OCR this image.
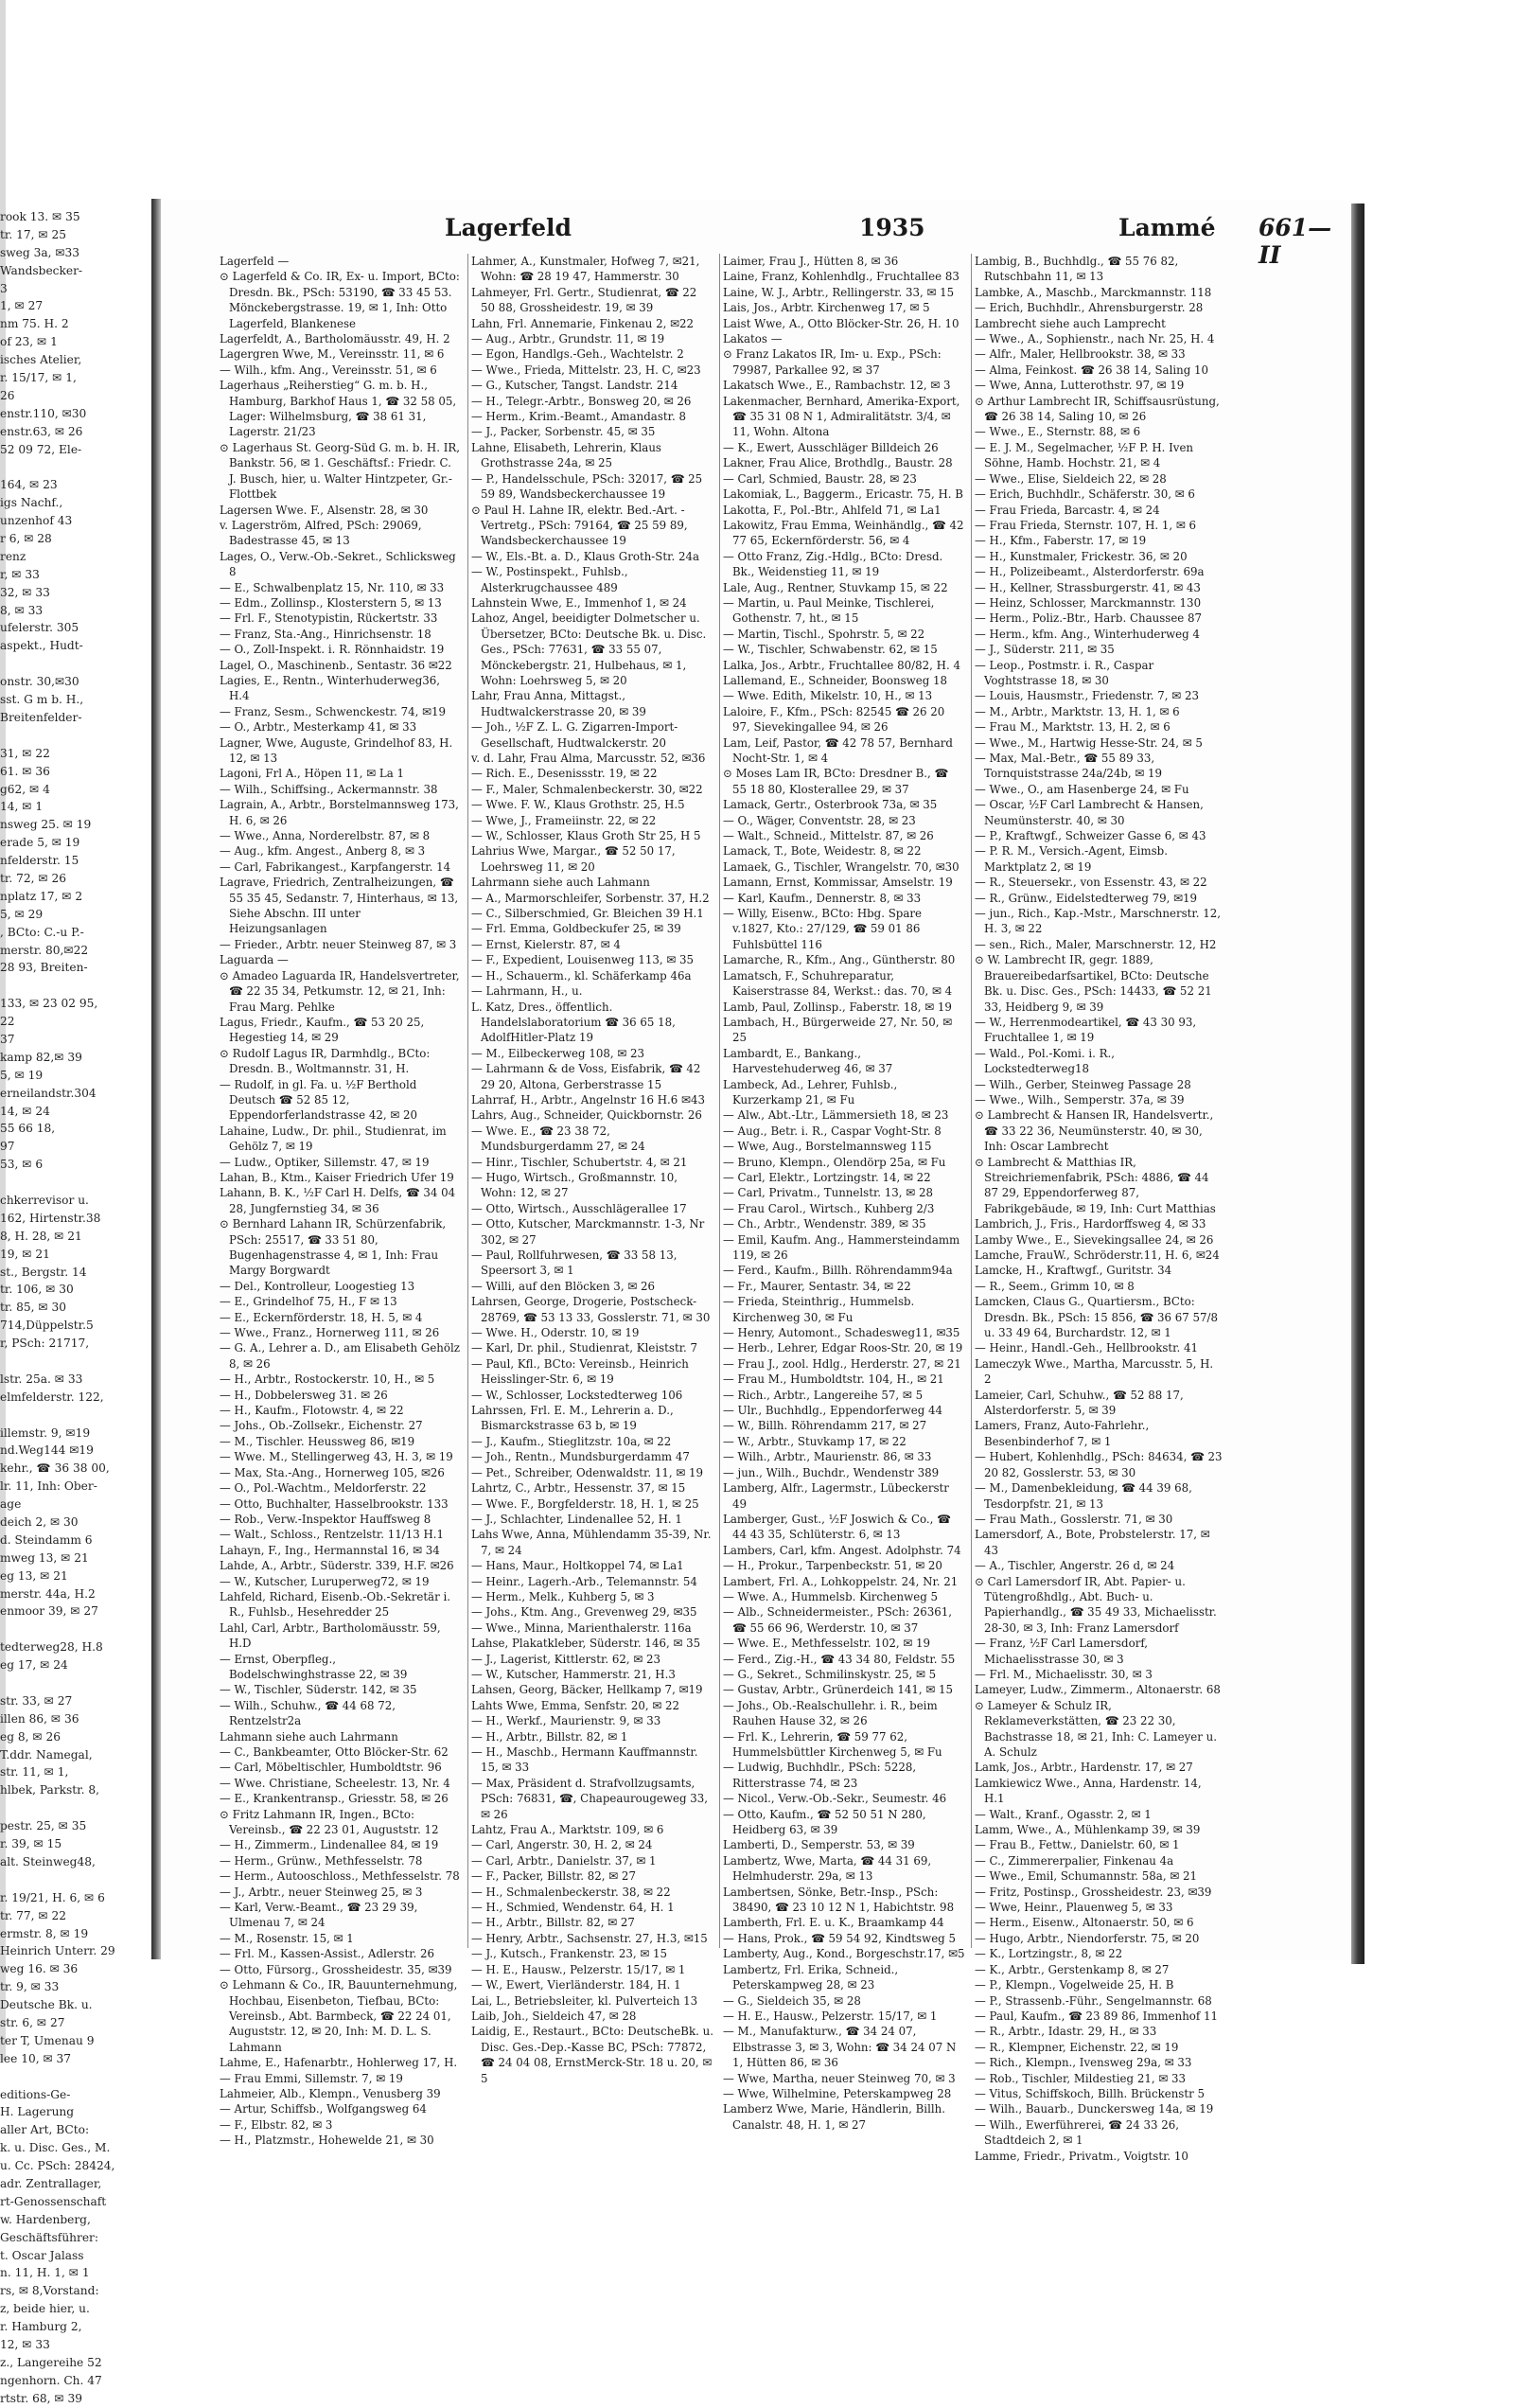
rook 13. ✉ 35
tr. 17, ✉ 25
sweg 3a, ✉33
Wandsbecker-
3
1, ✉ 27
nm 75. H. 2
of 23, ✉ 1
isches Atelier,
r. 15/17, ✉ 1,
26
enstr.110, ✉30
enstr.63, ✉ 26
52 09 72, Ele-
164, ✉ 23
igs Nachf.,
unzenhof 43
r 6, ✉ 28
renz
r, ✉ 33
32, ✉ 33
8, ✉ 33
ufelerstr. 305
aspekt., Hudt-
onstr. 30,✉30
sst. G m b. H.,
Breitenfelder-
31, ✉ 22
61. ✉ 36
g62, ✉ 4
14, ✉ 1
nsweg 25. ✉ 19
erade 5, ✉ 19
nfelderstr. 15
tr. 72, ✉ 26
nplatz 17, ✉ 2
5, ✉ 29
, BCto: C.-u P.-
merstr. 80,✉22
28 93, Breiten-
133, ✉ 23 02 95,
22
37
kamp 82,✉ 39
5, ✉ 19
erneilandstr.304
14, ✉ 24
55 66 18,
97
53, ✉ 6
chkerrevisor u.
162, Hirtenstr.38
8, H. 28, ✉ 21
19, ✉ 21
st., Bergstr. 14
tr. 106, ✉ 30
tr. 85, ✉ 30
714,Düppelstr.5
r, PSch: 21717,
lstr. 25a. ✉ 33
elmfelderstr. 122,
illemstr. 9, ✉19
nd.Weg144 ✉19
kehr., ☎ 36 38 00,
lr. 11, Inh: Ober-
age
deich 2, ✉ 30
d. Steindamm 6
mweg 13, ✉ 21
eg 13, ✉ 21
merstr. 44a, H.2
enmoor 39, ✉ 27
tedterweg28, H.8
eg 17, ✉ 24
str. 33, ✉ 27
illen 86, ✉ 36
eg 8, ✉ 26
T.ddr. Namegal,
str. 11, ✉ 1,
hlbek, Parkstr. 8,
pestr. 25, ✉ 35
r. 39, ✉ 15
alt. Steinweg48,
r. 19/21, H. 6, ✉ 6
tr. 77, ✉ 22
ermstr. 8, ✉ 19
Heinrich Unterr. 29
weg 16. ✉ 36
tr. 9, ✉ 33
Deutsche Bk. u.
str. 6, ✉ 27
ter T, Umenau 9
lee 10, ✉ 37
editions-Ge-
H. Lagerung
aller Art, BCto:
k. u. Disc. Ges., M.
u. Cc. PSch: 28424,
adr. Zentrallager,
rt-Genossenschaft
w. Hardenberg,
Geschäftsführer:
t. Oscar Jalass
n. 11, H. 1, ✉ 1
rs, ✉ 8,Vorstand:
z, beide hier, u.
r. Hamburg 2,
12, ✉ 33
z., Langereihe 52
ngenhorn. Ch. 47
rtstr. 68, ✉ 39
Lagerfeld	1935	Lammé 661—II
Lagerfeld —
⊙ Lagerfeld & Co. IR, Ex- u. Import, BCto: Dresdn. Bk., PSch: 53190, ☎ 33 45 53. Mönckebergstrasse. 19, ✉ 1, Inh: Otto Lagerfeld, Blankenese
Lagerfeldt, A., Bartholomäusstr. 49, H. 2
Lagergren Wwe, M., Vereinsstr. 11, ✉ 6
— Wilh., kfm. Ang., Vereinsstr. 51, ✉ 6
Lagerhaus „Reiherstieg“ G. m. b. H., Hamburg, Barkhof Haus 1, ☎ 32 58 05, Lager: Wilhelmsburg, ☎ 38 61 31, Lagerstr. 21/23
⊙ Lagerhaus St. Georg-Süd G. m. b. H. IR, Bankstr. 56, ✉ 1. Geschäftsf.: Friedr. C. J. Busch, hier, u. Walter Hintzpeter, Gr.-Flottbek
Lagersen Wwe. F., Alsenstr. 28, ✉ 30
v. Lagerström, Alfred, PSch: 29069, Badestrasse 45, ✉ 13
Lages, O., Verw.-Ob.-Sekret., Schlicksweg 8
— E., Schwalbenplatz 15, Nr. 110, ✉ 33
— Edm., Zollinsp., Klosterstern 5, ✉ 13
— Frl. F., Stenotypistin, Rückertstr. 33
— Franz, Sta.-Ang., Hinrichsenstr. 18
— O., Zoll-Inspekt. i. R. Rönnhaidstr. 19
Lagel, O., Maschinenb., Sentastr. 36 ✉22
Lagies, E., Rentn., Winterhuderweg36, H.4
— Franz, Sesm., Schwenckestr. 74, ✉19
— O., Arbtr., Mesterkamp 41, ✉ 33
Lagner, Wwe, Auguste, Grindelhof 83, H. 12, ✉ 13
Lagoni, Frl A., Höpen 11, ✉ La 1
— Wilh., Schiffsing., Ackermannstr. 38
Lagrain, A., Arbtr., Borstelmannsweg 173, H. 6, ✉ 26
— Wwe., Anna, Norderelbstr. 87, ✉ 8
— Aug., kfm. Angest., Anberg 8, ✉ 3
— Carl, Fabrikangest., Karpfangerstr. 14
Lagrave, Friedrich, Zentralheizungen, ☎ 55 35 45, Sedanstr. 7, Hinterhaus, ✉ 13, Siehe Abschn. III unter Heizungsanlagen
— Frieder., Arbtr. neuer Steinweg 87, ✉ 3
Laguarda —
⊙ Amadeo Laguarda IR, Handelsvertreter, ☎ 22 35 34, Petkumstr. 12, ✉ 21, Inh: Frau Marg. Pehlke
Lagus, Friedr., Kaufm., ☎ 53 20 25, Hegestieg 14, ✉ 29
⊙ Rudolf Lagus IR, Darmhdlg., BCto: Dresdn. B., Woltmannstr. 31, H.
— Rudolf, in gl. Fa. u. ½F Berthold Deutsch ☎ 52 85 12, Eppendorferlandstrasse 42, ✉ 20
Lahaine, Ludw., Dr. phil., Studienrat, im Gehölz 7, ✉ 19
— Ludw., Optiker, Sillemstr. 47, ✉ 19
Lahan, B., Ktm., Kaiser Friedrich Ufer 19
Lahann, B. K., ½F Carl H. Delfs, ☎ 34 04 28, Jungfernstieg 34, ✉ 36
⊙ Bernhard Lahann IR, Schürzenfabrik, PSch: 25517, ☎ 33 51 80, Bugenhagenstrasse 4, ✉ 1, Inh: Frau Margy Borgwardt
— Del., Kontrolleur, Loogestieg 13
— E., Grindelhof 75, H., F ✉ 13
— E., Eckernförderstr. 18, H. 5, ✉ 4
— Wwe., Franz., Hornerweg 111, ✉ 26
— G. A., Lehrer a. D., am Elisabeth Gehölz 8, ✉ 26
— H., Arbtr., Rostockerstr. 10, H., ✉ 5
— H., Dobbelersweg 31. ✉ 26
— H., Kaufm., Flotowstr. 4, ✉ 22
— Johs., Ob.-Zollsekr., Eichenstr. 27
— M., Tischler. Heussweg 86, ✉19
— Wwe. M., Stellingerweg 43, H. 3, ✉ 19
— Max, Sta.-Ang., Hornerweg 105, ✉26
— O., Pol.-Wachtm., Meldorferstr. 22
— Otto, Buchhalter, Hasselbrookstr. 133
— Rob., Verw.-Inspektor Hauffsweg 8
— Walt., Schloss., Rentzelstr. 11/13 H.1
Lahayn, F., Ing., Hermannstal 16, ✉ 34
Lahde, A., Arbtr., Süderstr. 339, H.F. ✉26
— W., Kutscher, Luruperweg72, ✉ 19
Lahfeld, Richard, Eisenb.-Ob.-Sekretär i. R., Fuhlsb., Hesehredder 25
Lahl, Carl, Arbtr., Bartholomäusstr. 59, H.D
— Ernst, Oberpfleg., Bodelschwinghstrasse 22, ✉ 39
— W., Tischler, Süderstr. 142, ✉ 35
— Wilh., Schuhw., ☎ 44 68 72, Rentzelstr2a
Lahmann siehe auch Lahrmann
— C., Bankbeamter, Otto Blöcker-Str. 62
— Carl, Möbeltischler, Humboldtstr. 96
— Wwe. Christiane, Scheelestr. 13, Nr. 4
— E., Krankentransp., Griesstr. 58, ✉ 26
⊙ Fritz Lahmann IR, Ingen., BCto: Vereinsb., ☎ 22 23 01, Auguststr. 12
— H., Zimmerm., Lindenallee 84, ✉ 19
— Herm., Grünw., Methfesselstr. 78
— Herm., Autooschloss., Methfesselstr. 78
— J., Arbtr., neuer Steinweg 25, ✉ 3
— Karl, Verw.-Beamt., ☎ 23 29 39, Ulmenau 7, ✉ 24
— M., Rosenstr. 15, ✉ 1
— Frl. M., Kassen-Assist., Adlerstr. 26
— Otto, Fürsorg., Grossheidestr. 35, ✉39
⊙ Lehmann & Co., IR, Bauunternehmung, Hochbau, Eisenbeton, Tiefbau, BCto: Vereinsb., Abt. Barmbeck, ☎ 22 24 01, Auguststr. 12, ✉ 20, Inh: M. D. L. S. Lahmann
Lahme, E., Hafenarbtr., Hohlerweg 17, H.
— Frau Emmi, Sillemstr. 7, ✉ 19
Lahmeier, Alb., Klempn., Venusberg 39
— Artur, Schiffsb., Wolfgangsweg 64
— F., Elbstr. 82, ✉ 3
— H., Platzmstr., Hohewelde 21, ✉ 30
Lahmer, A., Kunstmaler, Hofweg 7, ✉21, Wohn: ☎ 28 19 47, Hammerstr. 30
Lahmeyer, Frl. Gertr., Studienrat, ☎ 22 50 88, Grossheidestr. 19, ✉ 39
Lahn, Frl. Annemarie, Finkenau 2, ✉22
— Aug., Arbtr., Grundstr. 11, ✉ 19
— Egon, Handlgs.-Geh., Wachtelstr. 2
— Wwe., Frieda, Mittelstr. 23, H. C, ✉23
— G., Kutscher, Tangst. Landstr. 214
— H., Telegr.-Arbtr., Bonsweg 20, ✉ 26
— Herm., Krim.-Beamt., Amandastr. 8
— J., Packer, Sorbenstr. 45, ✉ 35
Lahne, Elisabeth, Lehrerin, Klaus Grothstrasse 24a, ✉ 25
— P., Handelsschule, PSch: 32017, ☎ 25 59 89, Wandsbeckerchaussee 19
⊙ Paul H. Lahne IR, elektr. Bed.-Art. - Vertretg., PSch: 79164, ☎ 25 59 89, Wandsbeckerchaussee 19
— W., Els.-Bt. a. D., Klaus Groth-Str. 24a
— W., Postinspekt., Fuhlsb., Alsterkrugchaussee 489
Lahnstein Wwe, E., Immenhof 1, ✉ 24
Lahoz, Angel, beeidigter Dolmetscher u. Übersetzer, BCto: Deutsche Bk. u. Disc. Ges., PSch: 77631, ☎ 33 55 07, Mönckebergstr. 21, Hulbehaus, ✉ 1, Wohn: Loehrsweg 5, ✉ 20
Lahr, Frau Anna, Mittagst., Hudtwalckerstrasse 20, ✉ 39
— Joh., ½F Z. L. G. Zigarren-Import-Gesellschaft, Hudtwalckerstr. 20
v. d. Lahr, Frau Alma, Marcusstr. 52, ✉36
— Rich. E., Desenissstr. 19, ✉ 22
— F., Maler, Schmalenbeckerstr. 30, ✉22
— Wwe. F. W., Klaus Grothstr. 25, H.5
— Wwe, J., Frameiinstr. 22, ✉ 22
— W., Schlosser, Klaus Groth Str 25, H 5
Lahrius Wwe, Margar., ☎ 52 50 17, Loehrsweg 11, ✉ 20
Lahrmann siehe auch Lahmann
— A., Marmorschleifer, Sorbenstr. 37, H.2
— C., Silberschmied, Gr. Bleichen 39 H.1
— Frl. Emma, Goldbeckufer 25, ✉ 39
— Ernst, Kielerstr. 87, ✉ 4
— F., Expedient, Louisenweg 113, ✉ 35
— H., Schauerm., kl. Schäferkamp 46a
— Lahrmann, H., u.
L. Katz, Dres., öffentlich. Handelslaboratorium ☎ 36 65 18, AdolfHitler-Platz 19
— M., Eilbeckerweg 108, ✉ 23
— Lahrmann & de Voss, Eisfabrik, ☎ 42 29 20, Altona, Gerberstrasse 15
Lahrraf, H., Arbtr., Angelnstr 16 H.6 ✉43
Lahrs, Aug., Schneider, Quickbornstr. 26
— Wwe. E., ☎ 23 38 72, Mundsburgerdamm 27, ✉ 24
— Hinr., Tischler, Schubertstr. 4, ✉ 21
— Hugo, Wirtsch., Großmannstr. 10, Wohn: 12, ✉ 27
— Otto, Wirtsch., Ausschlägerallee 17
— Otto, Kutscher, Marckmannstr. 1-3, Nr 302, ✉ 27
— Paul, Rollfuhrwesen, ☎ 33 58 13, Speersort 3, ✉ 1
— Willi, auf den Blöcken 3, ✉ 26
Lahrsen, George, Drogerie, Postscheck-28769, ☎ 53 13 33, Gosslerstr. 71, ✉ 30
— Wwe. H., Oderstr. 10, ✉ 19
— Karl, Dr. phil., Studienrat, Kleiststr. 7
— Paul, Kfl., BCto: Vereinsb., Heinrich Heisslinger-Str. 6, ✉ 19
— W., Schlosser, Lockstedterweg 106
Lahrssen, Frl. E. M., Lehrerin a. D., Bismarckstrasse 63 b, ✉ 19
— J., Kaufm., Stieglitzstr. 10a, ✉ 22
— Joh., Rentn., Mundsburgerdamm 47
— Pet., Schreiber, Odenwaldstr. 11, ✉ 19
Lahrtz, C., Arbtr., Hessenstr. 37, ✉ 15
— Wwe. F., Borgfelderstr. 18, H. 1, ✉ 25
— J., Schlachter, Lindenallee 52, H. 1
Lahs Wwe, Anna, Mühlendamm 35-39, Nr. 7, ✉ 24
— Hans, Maur., Holtkoppel 74, ✉ La1
— Heinr., Lagerh.-Arb., Telemannstr. 54
— Herm., Melk., Kuhberg 5, ✉ 3
— Johs., Ktm. Ang., Grevenweg 29, ✉35
— Wwe., Minna, Marienthalerstr. 116a
Lahse, Plakatkleber, Süderstr. 146, ✉ 35
— J., Lagerist, Kittlerstr. 62, ✉ 23
— W., Kutscher, Hammerstr. 21, H.3
Lahsen, Georg, Bäcker, Hellkamp 7, ✉19
Lahts Wwe, Emma, Senfstr. 20, ✉ 22
— H., Werkf., Maurienstr. 9, ✉ 33
— H., Arbtr., Billstr. 82, ✉ 1
— H., Maschb., Hermann Kauffmannstr. 15, ✉ 33
— Max, Präsident d. Strafvollzugsamts, PSch: 76831, ☎, Chapeaurougeweg 33, ✉ 26
Lahtz, Frau A., Marktstr. 109, ✉ 6
— Carl, Angerstr. 30, H. 2, ✉ 24
— Carl, Arbtr., Danielstr. 37, ✉ 1
— F., Packer, Billstr. 82, ✉ 27
— H., Schmalenbeckerstr. 38, ✉ 22
— H., Schmied, Wendenstr. 64, H. 1
— H., Arbtr., Billstr. 82, ✉ 27
— Henry, Arbtr., Sachsenstr. 27, H.3, ✉15
— J., Kutsch., Frankenstr. 23, ✉ 15
— H. E., Hausw., Pelzerstr. 15/17, ✉ 1
— W., Ewert, Vierländerstr. 184, H. 1
Lai, L., Betriebsleiter, kl. Pulverteich 13
Laib, Joh., Sieldeich 47, ✉ 28
Laidig, E., Restaurt., BCto: DeutscheBk. u. Disc. Ges.-Dep.-Kasse BC, PSch: 77872, ☎ 24 04 08, ErnstMerck-Str. 18 u. 20, ✉ 5
Laimer, Frau J., Hütten 8, ✉ 36
Laine, Franz, Kohlenhdlg., Fruchtallee 83
Laine, W. J., Arbtr., Rellingerstr. 33, ✉ 15
Lais, Jos., Arbtr. Kirchenweg 17, ✉ 5
Laist Wwe, A., Otto Blöcker-Str. 26, H. 10
Lakatos —
⊙ Franz Lakatos IR, Im- u. Exp., PSch: 79987, Parkallee 92, ✉ 37
Lakatsch Wwe., E., Rambachstr. 12, ✉ 3
Lakenmacher, Bernhard, Amerika-Export, ☎ 35 31 08 N 1, Admiralitätstr. 3/4, ✉ 11, Wohn. Altona
— K., Ewert, Ausschläger Billdeich 26
Lakner, Frau Alice, Brothdlg., Baustr. 28
— Carl, Schmied, Baustr. 28, ✉ 23
Lakomiak, L., Baggerm., Ericastr. 75, H. B
Lakotta, F., Pol.-Btr., Ahlfeld 71, ✉ La1
Lakowitz, Frau Emma, Weinhändlg., ☎ 42 77 65, Eckernförderstr. 56, ✉ 4
— Otto Franz, Zig.-Hdlg., BCto: Dresd. Bk., Weidenstieg 11, ✉ 19
Lale, Aug., Rentner, Stuvkamp 15, ✉ 22
— Martin, u. Paul Meinke, Tischlerei, Gothenstr. 7, ht., ✉ 15
— Martin, Tischl., Spohrstr. 5, ✉ 22
— W., Tischler, Schwabenstr. 62, ✉ 15
Lalka, Jos., Arbtr., Fruchtallee 80/82, H. 4
Lallemand, E., Schneider, Boonsweg 18
— Wwe. Edith, Mikelstr. 10, H., ✉ 13
Laloire, F., Kfm., PSch: 82545 ☎ 26 20 97, Sievekingallee 94, ✉ 26
Lam, Leif, Pastor, ☎ 42 78 57, Bernhard Nocht-Str. 1, ✉ 4
⊙ Moses Lam IR, BCto: Dresdner B., ☎ 55 18 80, Klosterallee 29, ✉ 37
Lamack, Gertr., Osterbrook 73a, ✉ 35
— O., Wäger, Conventstr. 28, ✉ 23
— Walt., Schneid., Mittelstr. 87, ✉ 26
Lamack, T., Bote, Weidestr. 8, ✉ 22
Lamaek, G., Tischler, Wrangelstr. 70, ✉30
Lamann, Ernst, Kommissar, Amselstr. 19
— Karl, Kaufm., Dennerstr. 8, ✉ 33
— Willy, Eisenw., BCto: Hbg. Spare v.1827, Kto.: 27/129, ☎ 59 01 86 Fuhlsbüttel 116
Lamarche, R., Kfm., Ang., Güntherstr. 80
Lamatsch, F., Schuhreparatur, Kaiserstrasse 84, Werkst.: das. 70, ✉ 4
Lamb, Paul, Zollinsp., Faberstr. 18, ✉ 19
Lambach, H., Bürgerweide 27, Nr. 50, ✉ 25
Lambardt, E., Bankang., Harvestehuderweg 46, ✉ 37
Lambeck, Ad., Lehrer, Fuhlsb., Kurzerkamp 21, ✉ Fu
— Alw., Abt.-Ltr., Lämmersieth 18, ✉ 23
— Aug., Betr. i. R., Caspar Voght-Str. 8
— Wwe, Aug., Borstelmannsweg 115
— Bruno, Klempn., Olendörp 25a, ✉ Fu
— Carl, Elektr., Lortzingstr. 14, ✉ 22
— Carl, Privatm., Tunnelstr. 13, ✉ 28
— Frau Carol., Wirtsch., Kuhberg 2/3
— Ch., Arbtr., Wendenstr. 389, ✉ 35
— Emil, Kaufm. Ang., Hammersteindamm 119, ✉ 26
— Ferd., Kaufm., Billh. Röhrendamm94a
— Fr., Maurer, Sentastr. 34, ✉ 22
— Frieda, Steinthrig., Hummelsb. Kirchenweg 30, ✉ Fu
— Henry, Automont., Schadesweg11, ✉35
— Herb., Lehrer, Edgar Roos-Str. 20, ✉ 19
— Frau J., zool. Hdlg., Herderstr. 27, ✉ 21
— Frau M., Humboldtstr. 104, H., ✉ 21
— Rich., Arbtr., Langereihe 57, ✉ 5
— Ulr., Buchhdlg., Eppendorferweg 44
— W., Billh. Röhrendamm 217, ✉ 27
— W., Arbtr., Stuvkamp 17, ✉ 22
— Wilh., Arbtr., Maurienstr. 86, ✉ 33
— jun., Wilh., Buchdr., Wendenstr 389
Lamberg, Alfr., Lagermstr., Lübeckerstr 49
Lamberger, Gust., ½F Joswich & Co., ☎ 44 43 35, Schlüterstr. 6, ✉ 13
Lambers, Carl, kfm. Angest. Adolphstr. 74
— H., Prokur., Tarpenbeckstr. 51, ✉ 20
Lambert, Frl. A., Lohkoppelstr. 24, Nr. 21
— Wwe. A., Hummelsb. Kirchenweg 5
— Alb., Schneidermeister., PSch: 26361, ☎ 55 66 96, Werderstr. 10, ✉ 37
— Wwe. E., Methfesselstr. 102, ✉ 19
— Ferd., Zig.-H., ☎ 43 34 80, Feldstr. 55
— G., Sekret., Schmilinskystr. 25, ✉ 5
— Gustav, Arbtr., Grünerdeich 141, ✉ 15
— Johs., Ob.-Realschullehr. i. R., beim Rauhen Hause 32, ✉ 26
— Frl. K., Lehrerin, ☎ 59 77 62, Hummelsbüttler Kirchenweg 5, ✉ Fu
— Ludwig, Buchhdlr., PSch: 5228, Ritterstrasse 74, ✉ 23
— Nicol., Verw.-Ob.-Sekr., Seumestr. 46
— Otto, Kaufm., ☎ 52 50 51 N 280, Heidberg 63, ✉ 39
Lamberti, D., Semperstr. 53, ✉ 39
Lambertz, Wwe, Marta, ☎ 44 31 69, Helmhuderstr. 29a, ✉ 13
Lambertsen, Sönke, Betr.-Insp., PSch: 38490, ☎ 23 10 12 N 1, Habichtstr. 98
Lamberth, Frl. E. u. K., Braamkamp 44
— Hans, Prok., ☎ 59 54 92, Kindtsweg 5
Lamberty, Aug., Kond., Borgeschstr.17, ✉5
Lambertz, Frl. Erika, Schneid., Peterskampweg 28, ✉ 23
— G., Sieldeich 35, ✉ 28
— H. E., Hausw., Pelzerstr. 15/17, ✉ 1
— M., Manufakturw., ☎ 34 24 07, Elbstrasse 3, ✉ 3, Wohn: ☎ 34 24 07 N 1, Hütten 86, ✉ 36
— Wwe, Martha, neuer Steinweg 70, ✉ 3
— Wwe, Wilhelmine, Peterskampweg 28
Lamberz Wwe, Marie, Händlerin, Billh. Canalstr. 48, H. 1, ✉ 27
Lambig, B., Buchhdlg., ☎ 55 76 82, Rutschbahn 11, ✉ 13
Lambke, A., Maschb., Marckmannstr. 118
— Erich, Buchhdlr., Ahrensburgerstr. 28
Lambrecht siehe auch Lamprecht
— Wwe., A., Sophienstr., nach Nr. 25, H. 4
— Alfr., Maler, Hellbrookstr. 38, ✉ 33
— Alma, Feinkost. ☎ 26 38 14, Saling 10
— Wwe, Anna, Lutterothstr. 97, ✉ 19
⊙ Arthur Lambrecht IR, Schiffsausrüstung, ☎ 26 38 14, Saling 10, ✉ 26
— Wwe., E., Sternstr. 88, ✉ 6
— E. J. M., Segelmacher, ½F P. H. Iven Söhne, Hamb. Hochstr. 21, ✉ 4
— Wwe., Elise, Sieldeich 22, ✉ 28
— Erich, Buchhdlr., Schäferstr. 30, ✉ 6
— Frau Frieda, Barcastr. 4, ✉ 24
— Frau Frieda, Sternstr. 107, H. 1, ✉ 6
— H., Kfm., Faberstr. 17, ✉ 19
— H., Kunstmaler, Frickestr. 36, ✉ 20
— H., Polizeibeamt., Alsterdorferstr. 69a
— H., Kellner, Strassburgerstr. 41, ✉ 43
— Heinz, Schlosser, Marckmannstr. 130
— Herm., Poliz.-Btr., Harb. Chaussee 87
— Herm., kfm. Ang., Winterhuderweg 4
— J., Süderstr. 211, ✉ 35
— Leop., Postmstr. i. R., Caspar Voghtstrasse 18, ✉ 30
— Louis, Hausmstr., Friedenstr. 7, ✉ 23
— M., Arbtr., Marktstr. 13, H. 1, ✉ 6
— Frau M., Marktstr. 13, H. 2, ✉ 6
— Wwe., M., Hartwig Hesse-Str. 24, ✉ 5
— Max, Mal.-Betr., ☎ 55 89 33, Tornquiststrasse 24a/24b, ✉ 19
— Wwe., O., am Hasenberge 24, ✉ Fu
— Oscar, ½F Carl Lambrecht & Hansen, Neumünsterstr. 40, ✉ 30
— P., Kraftwgf., Schweizer Gasse 6, ✉ 43
— P. R. M., Versich.-Agent, Eimsb. Marktplatz 2, ✉ 19
— R., Steuersekr., von Essenstr. 43, ✉ 22
— R., Grünw., Eidelstedterweg 79, ✉19
— jun., Rich., Kap.-Mstr., Marschnerstr. 12, H. 3, ✉ 22
— sen., Rich., Maler, Marschnerstr. 12, H2
⊙ W. Lambrecht IR, gegr. 1889, Brauereibedarfsartikel, BCto: Deutsche Bk. u. Disc. Ges., PSch: 14433, ☎ 52 21 33, Heidberg 9, ✉ 39
— W., Herrenmodeartikel, ☎ 43 30 93, Fruchtallee 1, ✉ 19
— Wald., Pol.-Komi. i. R., Lockstedterweg18
— Wilh., Gerber, Steinweg Passage 28
— Wwe., Wilh., Semperstr. 37a, ✉ 39
⊙ Lambrecht & Hansen IR, Handelsvertr., ☎ 33 22 36, Neumünsterstr. 40, ✉ 30, Inh: Oscar Lambrecht
⊙ Lambrecht & Matthias IR, Streichriemenfabrik, PSch: 4886, ☎ 44 87 29, Eppendorferweg 87, Fabrikgebäude, ✉ 19, Inh: Curt Matthias
Lambrich, J., Fris., Hardorffsweg 4, ✉ 33
Lamby Wwe., E., Sievekingsallee 24, ✉ 26
Lamche, FrauW., Schröderstr.11, H. 6, ✉24
Lamcke, H., Kraftwgf., Guritstr. 34
— R., Seem., Grimm 10, ✉ 8
Lamcken, Claus G., Quartiersm., BCto: Dresdn. Bk., PSch: 15 856, ☎ 36 67 57/8 u. 33 49 64, Burchardstr. 12, ✉ 1
— Heinr., Handl.-Geh., Hellbrookstr. 41
Lameczyk Wwe., Martha, Marcusstr. 5, H. 2
Lameier, Carl, Schuhw., ☎ 52 88 17, Alsterdorferstr. 5, ✉ 39
Lamers, Franz, Auto-Fahrlehr., Besenbinderhof 7, ✉ 1
— Hubert, Kohlenhdlg., PSch: 84634, ☎ 23 20 82, Gosslerstr. 53, ✉ 30
— M., Damenbekleidung, ☎ 44 39 68, Tesdorpfstr. 21, ✉ 13
— Frau Math., Gosslerstr. 71, ✉ 30
Lamersdorf, A., Bote, Probstelerstr. 17, ✉43
— A., Tischler, Angerstr. 26 d, ✉ 24
⊙ Carl Lamersdorf IR, Abt. Papier- u. Tütengroßhdlg., Abt. Buch- u. Papierhandlg., ☎ 35 49 33, Michaelisstr. 28-30, ✉ 3, Inh: Franz Lamersdorf
— Franz, ½F Carl Lamersdorf, Michaelisstrasse 30, ✉ 3
— Frl. M., Michaelisstr. 30, ✉ 3
Lameyer, Ludw., Zimmerm., Altonaerstr. 68
⊙ Lameyer & Schulz IR, Reklameverkstätten, ☎ 23 22 30, Bachstrasse 18, ✉ 21, Inh: C. Lameyer u. A. Schulz
Lamk, Jos., Arbtr., Hardenstr. 17, ✉ 27
Lamkiewicz Wwe., Anna, Hardenstr. 14, H.1
— Walt., Kranf., Ogasstr. 2, ✉ 1
Lamm, Wwe., A., Mühlenkamp 39, ✉ 39
— Frau B., Fettw., Danielstr. 60, ✉ 1
— C., Zimmererpalier, Finkenau 4a
— Wwe., Emil, Schumannstr. 58a, ✉ 21
— Fritz, Postinsp., Grossheidestr. 23, ✉39
— Wwe, Heinr., Plauenweg 5, ✉ 33
— Herm., Eisenw., Altonaerstr. 50, ✉ 6
— Hugo, Arbtr., Niendorferstr. 75, ✉ 20
— K., Lortzingstr., 8, ✉ 22
— K., Arbtr., Gerstenkamp 8, ✉ 27
— P., Klempn., Vogelweide 25, H. B
— P., Strassenb.-Führ., Sengelmannstr. 68
— Paul, Kaufm., ☎ 23 89 86, Immenhof 11
— R., Arbtr., Idastr. 29, H., ✉ 33
— R., Klempner, Eichenstr. 22, ✉ 19
— Rich., Klempn., Ivensweg 29a, ✉ 33
— Rob., Tischler, Mildestieg 21, ✉ 33
— Vitus, Schiffskoch, Billh. Brückenstr 5
— Wilh., Bauarb., Dunckersweg 14a, ✉ 19
— Wilh., Ewerführerei, ☎ 24 33 26, Stadtdeich 2, ✉ 1
Lamme, Friedr., Privatm., Voigtstr. 10
